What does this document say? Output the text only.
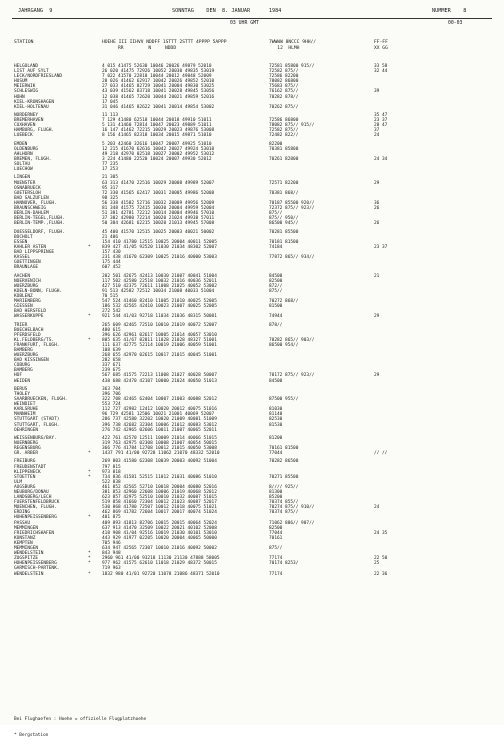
JAHRGANG  9	SONNTAG    DEN  8. JANUAR      1984	NUMMER    8
03 UHR GMT	00-03

STATION

	HOEHE III IIHVV NDDFF 1STTT 2STTT 4PPPP 5APPP

RR         N     NDDD

7WWWW 8NCCC 9HH//

12  HLMH

FF-FF

XX GG

HELGOLAND	4 015 41475 52630 10046 20026 49879 52010	72581 85800 915//	33 58
LIST AUF SYLT	26 020 41475 72926 10052 20030 49835 53019	72582 875//	32 44
LECK/NORDFRIESLAND	7 022 41570 22818 10044 20012 49848 52009	72586 82200
HUSUM	28 026 41462 62917 10042 20026 49852 52010	78082 86800
MEIERWIK	27 033 41465 82729 10041 20004 49830 53025	75683 875//
SCHLESWIG	43 039 41562 83718 10041 20028 49845 53056	76162 875//	39
HOHN	12 038 41465 72620 10044 20021 49859 52016	70282 878//
KIEL-KRONSHAGEN	17 045
KIEL-HOLTENAU	31 046 41465 82622 10041 20014 49854 53002	70262 875//
NORDERNEY	11 113	35 47
BREMERHAVEN	7 129 41480 62518 10044 20018 49910 51011	72586 86800	23 37
CUXHAVEN	5 131 41460 72814 10047 20023 49889 51011	78082 875// 915//	28 47
HAMBURG, FLUGH.	16 147 41462 72215 10029 20023 49876 53008	72582 875//	37
LUEBECK	8 156 41465 82318 10034 20015 49871 51010	72482 822//	24
EMDEN	5 203 42460 32616 10047 20007 49925 51010	82200
OLDENBURG	12 215 41670 62616 10042 20027 49924 53010	70381 85800
AHLHORN	49 218 42970 02518 10027 20002 49952 53012
BREMEN, FLUGH.	3 224 41480 22520 10024 20007 49930 52012	70261 82800	24 34
SOLTAU	77 235
LUECHOW	17 253
LINGEN	21 305
MUENSTER	63 313 41470 22516 10029 20008 49989 52007	72571 82200	29
OSNABRUECK	95 317
GUETERSLOH	72 330 41565 62417 10031 20005 49986 52008	70381 868//
BAD SALZUFLEN	98 325
HANNOVER, FLUGH.	56 338 41582 52716 10032 20009 49956 52009	70187 85500 920//	36
BRAUNSCHWEIG	81 348 41575 72415 10030 20004 49959 52004	72372 875// 923//	26
BERLIN-DAHLEM	51 381 42781 72212 10014 20004 49946 57010	875//
BERLIN-TEGEL,FLUGH.	37 382 42980 72214 10020 21024 49938 57011	875// 950//
BERLIN-TEMP.,FLUGH.	50 384 42681 62215 10020 21013 49945 57008	86500 945//	26
DUESSELDORF, FLUGH.	45 400 41570 12515 10025 20003 40021 50002	70281 85500
BOCHOLT	21 406
ESSEN	154 410 41780 12515 10025 20004 40011 52005	70181 81500
KAHLER ASTEN	*	839 427 41/05 92520 11030 21034 48302 52007	74184	23 37
BAD LIPPSPRINGE	157 430
KASSEL	231 438 41670 62309 10025 21016 40000 53003	77872 865// 934//
GOETTINGEN	175 444
BRAUNLAGE	607 452
AACHEN	202 501 42675 42413 10030 21007 40041 51004	84500	21
NOERVENICH	117 502 42580 22518 10032 21016 40036 52011	82500
WUERZBURG	427 510 42375 72611 11008 21025 40052 53002	872//
KOELN-BONN, FLUGH.	91 513 42582 72512 10034 21008 40033 51004	875//
KOBLENZ	70 515
MARIENBERG	547 524 41460 82410 11005 21010 40025 52005	70272 868//
GIESSEN	186 532 42565 42410 10023 21007 40025 52005	81500
BAD HERSFELD	272 542
WASSERKUPPE	*	921 544 41/03 92718 11034 21036 48315 50001	74944	29
TRIER	265 609 42465 72510 10010 21019 40072 52007	878//
BUECHELBACH	480 615
PFERDSFELD	396 626 42961 02617 10005 21014 40057 53010
KL.FELDBERG/TS.	*	805 635 41/67 82811 11028 21028 48327 51001	70282 865// 903//
FRANKFURT, FLUGH.	111 637 42775 52114 10019 21006 40059 51001	86500 954//
BAMBERG	108 639
WUERZBURG	268 655 42970 02615 10017 21015 40045 51001
BAD KISSINGEN	282 658
COBURG	337 671
BAMBERG	239 675
HOF	567 685 41575 72213 11008 21027 40028 50007	70172 875// 923//	29
WEIDEN	438 688 42470 42107 10000 21024 40050 51013	84500
BERUS	363 704
THOLEY	396 706
SAARBRUECKEN, FLUGH.	322 708 42465 62404 10007 21003 40088 52012	87500 955//
WEINDIET	553 724
KARLSRUHE	112 727 42982 12412 10020 20012 40075 51016	81030
MANNHEIM	96 729 42581 12506 10021 21001 40069 52007	81140
STUTTGART (STADT)	286 737 42580 32202 10020 21009 40081 51009	82530
STUTTGART, FLUGH.	396 738 42682 32304 10006 21012 40083 53012	81530
OEHRINGEN	276 742 42965 02606 10011 21007 40065 52011
WEISSENBURG/BAY.	422 761 42570 12511 10009 21014 40066 51015	81200
NUERNBERG	319 763 42975 02308 10008 21007 40054 50015
REGENSBURG	366 776 41784 12708 10012 21015 40050 53008	70161 81500
GR. ARBER	*	1437 791 41/00 92728 11062 21070 48332 52010	77044	// //
FREIBURG	269 803 41580 62308 10039 20003 40092 51004	70282 86500
FREUDENSTADT	797 815
KLIPPENECK	*	973 818
STOETTEN	*	734 836 41581 52515 11012 21031 40086 51010	70271 85500
ULM	522 838
AUGSBURG	461 852 42565 52710 10018 20004 40080 52016	8//// 925//
NEUBURG/DONAU	381 853 42960 22608 10006 21019 40068 52012	81300
LANDSBERG/LECH	623 857 42975 52510 10010 21032 40087 51015	85200
FUERSTENFELDBRUCK	519 858 41660 72304 10012 21023 40087 52017	70374 855//
MUENCHEN, FLUGH.	530 868 41780 72507 10012 21018 40075 51021	70274 875// 910//	24
ERDING	462 869 41782 72604 10017 20017 40074 51024	70374 875//
HOHENPEISSENBERG	*	401 875
PASSAU	409 893 41813 82706 10015 20015 40064 52024	71062 886// 907//
MEMMINGEN	637 913 41470 32509 10022 20021 40102 52008	82500
FRIEDRICHSHAFEN	418 908 41/04 92516 10019 21030 40101 53010	77044	24 35
KONSTANZ	443 929 41977 02205 10020 20004 40065 50000	70161
KEMPTEN	705 946
MEMMINGEN	634 947 42565 72307 10010 21016 40092 50002	875//
WENDELSTEIN	*	843 948
ZUGSPITZE	*	2960 961 41/00 93218 11130 21130 47888 58005	77174	22 50
HOHENPEISSENBERG	*	977 962 41575 62610 11018 21029 48372 50015	70174 8253/	25
GARMISCH-PARTENK.	719 963
WENDELSTEIN	*	1832 980 41/01 92720 11078 21086 48371 52010	77174	22 36

Bei Flughaefen : Hoehe = offizielle Flugplatzhoehe

* Bergstation
